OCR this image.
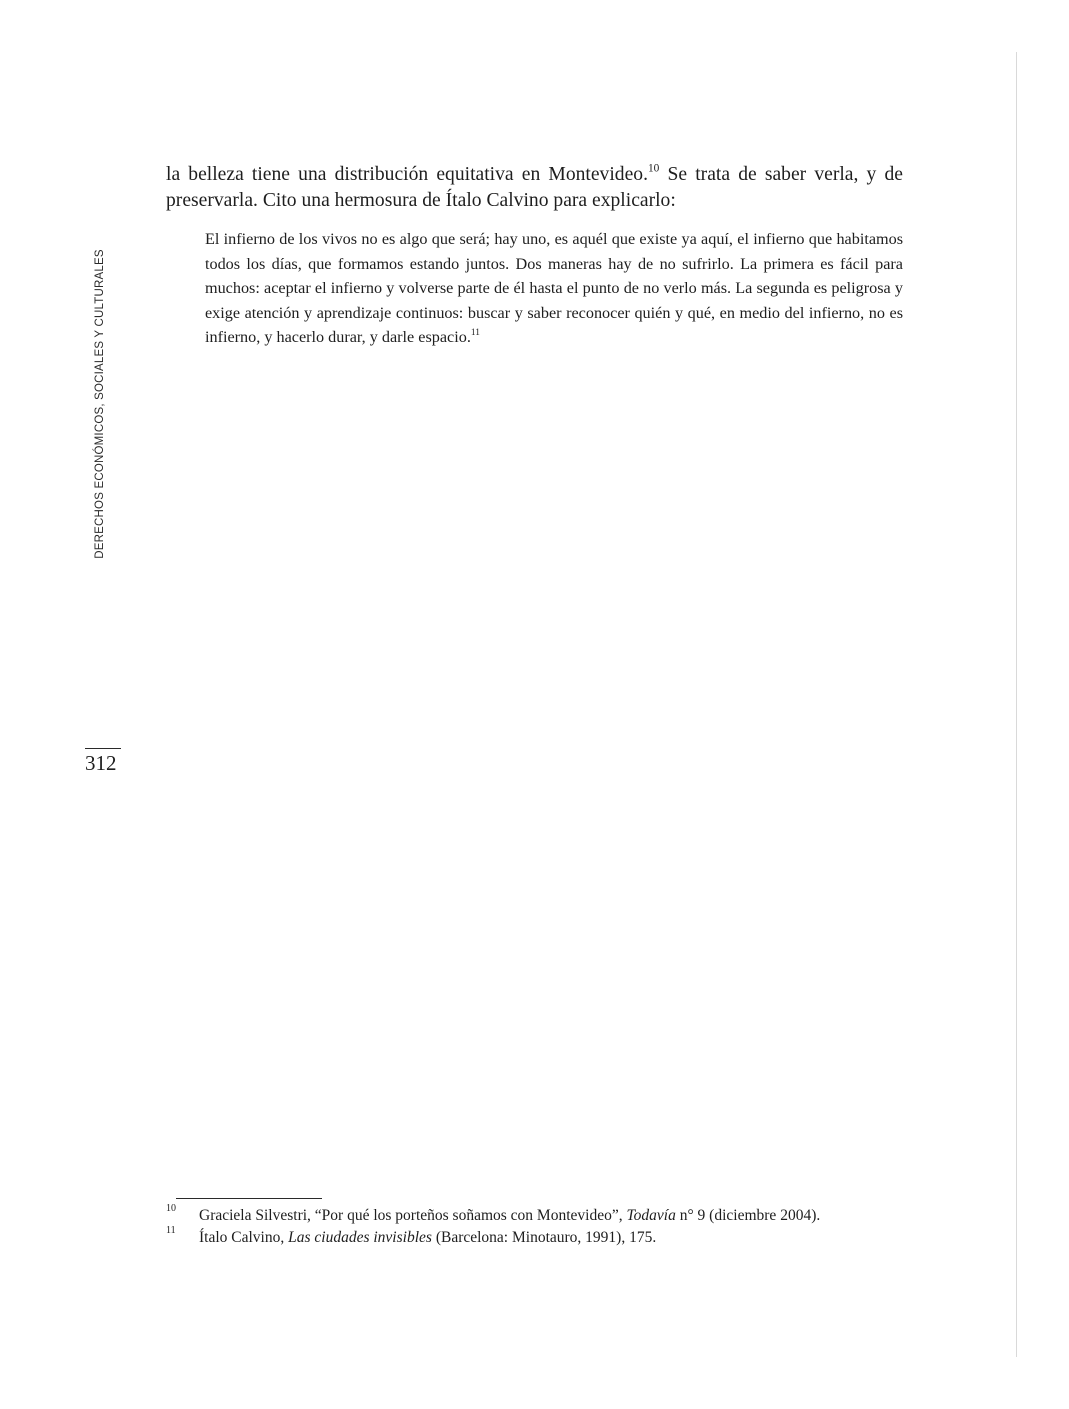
DERECHOS ECONÓMICOS, SOCIALES Y CULTURALES
312

la belleza tiene una distribución equitativa en Montevideo.$^{10}$ Se trata de saber verla, y de preservarla. Cito una hermosura de Ítalo Calvino para explicarlo:

El infierno de los vivos no es algo que será; hay uno, es aquél que existe ya aquí, el infierno que habitamos todos los días, que formamos estando juntos. Dos maneras hay de no sufrirlo. La primera es fácil para muchos: aceptar el infierno y volverse parte de él hasta el punto de no verlo más. La segunda es peligrosa y exige atención y aprendizaje continuos: buscar y saber reconocer quién y qué, en medio del infierno, no es infierno, y hacerlo durar, y darle espacio.$^{11}$

10 Graciela Silvestri, “Por qué los porteños soñamos con Montevideo”, Todavía n° 9 (diciembre 2004).
11 Ítalo Calvino, Las ciudades invisibles (Barcelona: Minotauro, 1991), 175.
